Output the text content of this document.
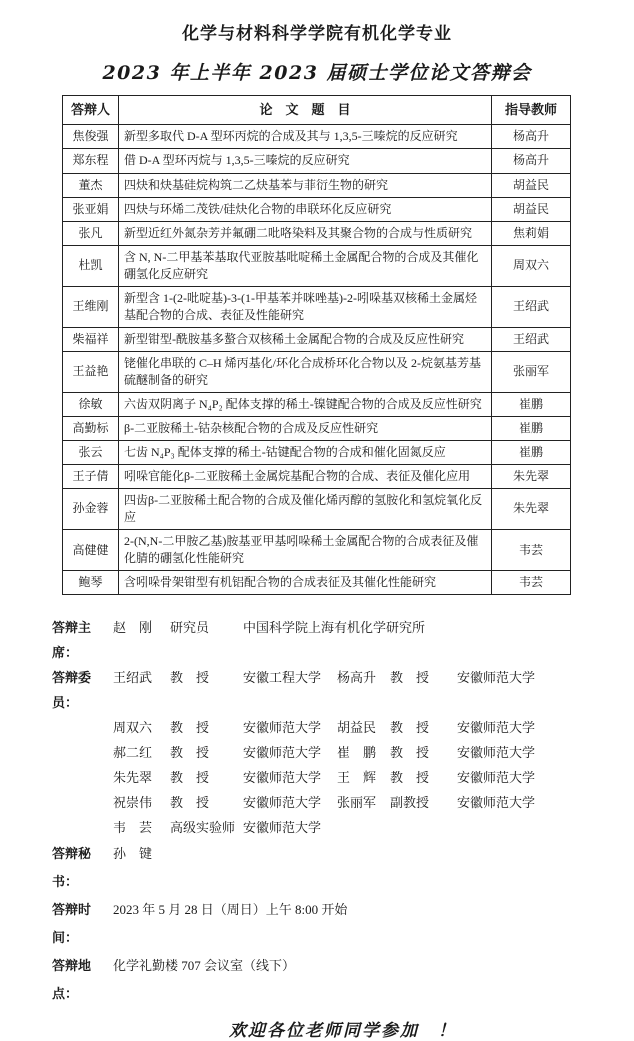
化学与材料科学学院有机化学专业
2023 年上半年 2023 届硕士学位论文答辩会
答辩人	论　文　题　目	指导教师
焦俊强	新型多取代 D-A 型环丙烷的合成及其与 1,3,5-三嗪烷的反应研究	杨高升
郑东程	借 D-A 型环丙烷与 1,3,5-三嗪烷的反应研究	杨高升
董杰	四炔和炔基硅烷构筑二乙炔基苯与菲衍生物的研究	胡益民
张亚娟	四炔与环烯二茂铁/硅炔化合物的串联环化反应研究	胡益民
张凡	新型近红外氮杂芳并氟硼二吡咯染料及其聚合物的合成与性质研究	焦莉娟
杜凯	含 N, N-二甲基苯基取代亚胺基吡啶稀土金属配合物的合成及其催化硼氢化反应研究	周双六
王维刚	新型含 1-(2-吡啶基)-3-(1-甲基苯并咪唑基)-2-吲哚基双核稀土金属烃基配合物的合成、表征及性能研究	王绍武
柴福祥	新型钳型-酰胺基多螯合双核稀土金属配合物的合成及反应性研究	王绍武
王益艳	铑催化串联的 C–H 烯丙基化/环化合成桥环化合物以及 2-烷氨基芳基硫醚制备的研究	张丽军
徐敏	六齿双阴离子 N₄P₂ 配体支撑的稀土-镍键配合物的合成及反应性研究	崔鹏
高勤标	β-二亚胺稀土-钴杂核配合物的合成及反应性研究	崔鹏
张云	七齿 N₄P₃ 配体支撑的稀土-钴键配合物的合成和催化固氮反应	崔鹏
王子倩	吲哚官能化β-二亚胺稀土金属烷基配合物的合成、表征及催化应用	朱先翠
孙金蓉	四齿β-二亚胺稀土配合物的合成及催化烯丙醇的氢胺化和氢烷氧化反应	朱先翠
高健健	2-(N,N-二甲胺乙基)胺基亚甲基吲哚稀土金属配合物的合成表征及催化腈的硼氢化性能研究	韦芸
鲍琴	含吲哚骨架钳型有机铝配合物的合成表征及其催化性能研究	韦芸
答辩主席：
赵　刚	研究员	中国科学院上海有机化学研究所
答辩委员：
王绍武	教　授	安徽工程大学	杨高升	教　授	安徽师范大学
周双六	教　授	安徽师范大学	胡益民	教　授	安徽师范大学
郝二红	教　授	安徽师范大学	崔　鹏	教　授	安徽师范大学
朱先翠	教　授	安徽师范大学	王　辉	教　授	安徽师范大学
祝崇伟	教　授	安徽师范大学	张丽军	副教授	安徽师范大学
韦　芸	高级实验师 安徽师范大学
答辩秘书：
孙　键
答辩时间：
2023 年 5 月 28 日（周日）上午 8:00 开始
答辩地点：
化学礼勤楼 707 会议室（线下）
欢迎各位老师同学参加　！
